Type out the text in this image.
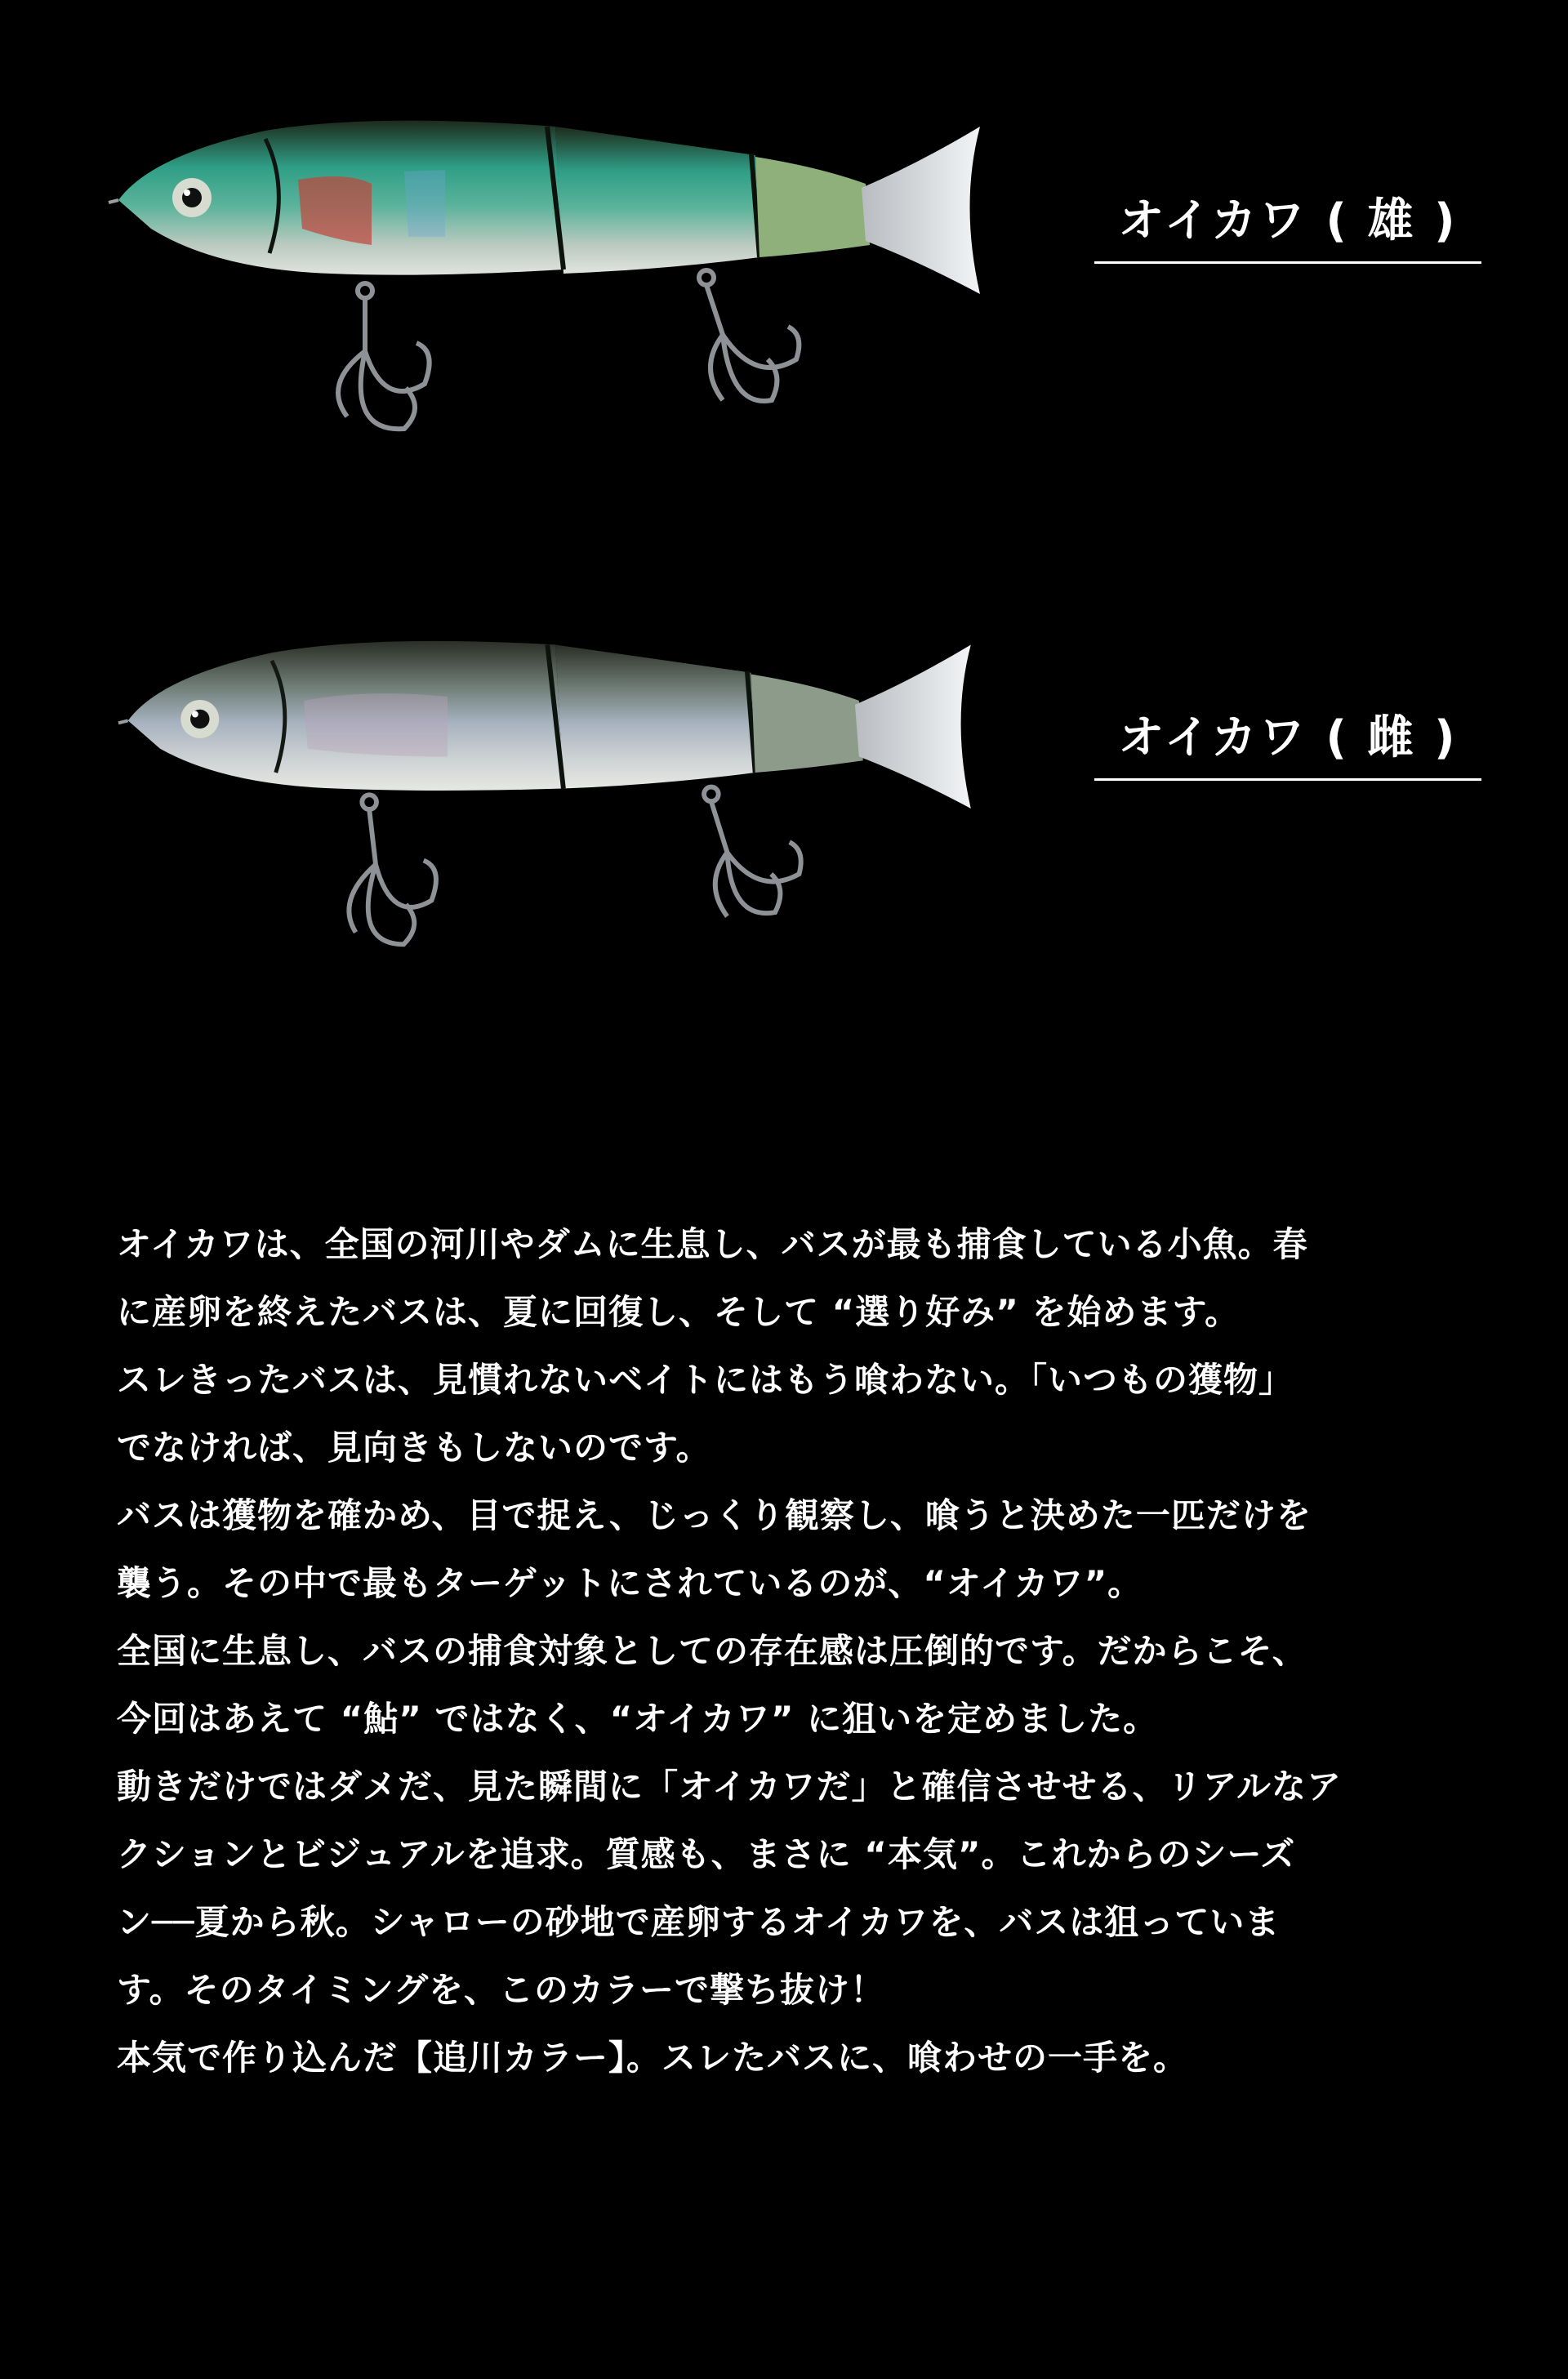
オイカワ ( 雄 )
オイカワ ( 雌 )

オイカワは、全国の河川やダムに生息し、バスが最も捕食している小魚。春

に産卵を終えたバスは、夏に回復し、そして “選り好み” を始めます。

スレきったバスは、見慣れないベイトにはもう喰わない。「いつもの獲物」

でなければ、見向きもしないのです。

バスは獲物を確かめ、目で捉え、じっくり観察し、喰うと決めた一匹だけを

襲う。その中で最もターゲットにされているのが、“オイカワ”。

全国に生息し、バスの捕食対象としての存在感は圧倒的です。だからこそ、

今回はあえて “鮎” ではなく、“オイカワ” に狙いを定めました。

動きだけではダメだ、見た瞬間に「オイカワだ」と確信させせる、リアルなア

クションとビジュアルを追求。質感も、まさに “本気”。これからのシーズ

ン──夏から秋。シャローの砂地で産卵するオイカワを、バスは狙っていま

す。そのタイミングを、このカラーで撃ち抜け！

本気で作り込んだ【追川カラー】。スレたバスに、喰わせの一手を。
